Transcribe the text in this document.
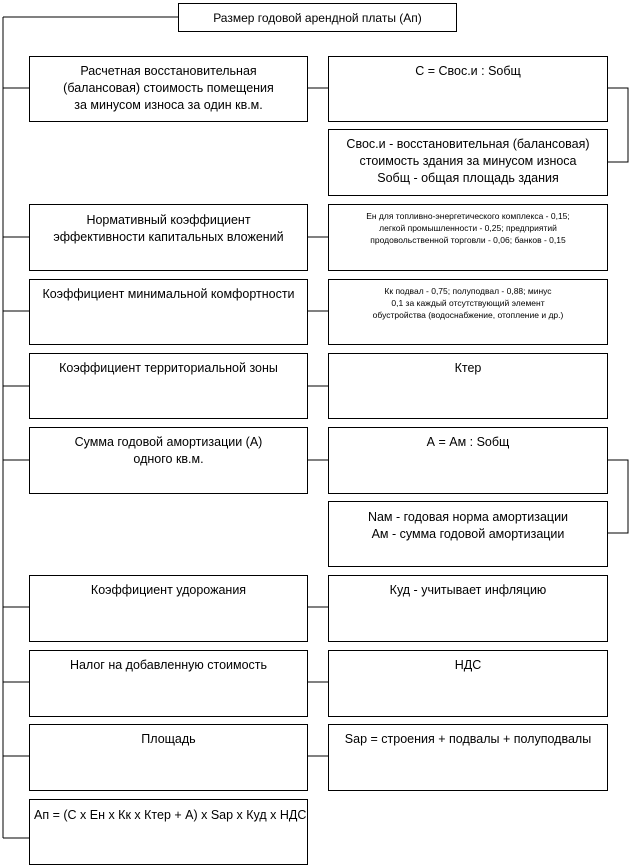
Размер годовой арендной платы (Ап)
Расчетная восстановительная
(балансовая) стоимость помещения
за минусом износа за один кв.м.
С = Свос.и : Sобщ
Свос.и - восстановительная (балансовая)
стоимость здания за минусом износа
Sобщ - общая площадь здания
Нормативный коэффициент
эффективности капитальных вложений
Ен для топливно-энергетического комплекса - 0,15;
легкой промышленности - 0,25; предприятий
продовольственной торговли - 0,06; банков - 0,15
Коэффициент минимальной комфортности	Кк подвал - 0,75; полуподвал - 0,88; минус
0,1 за каждый отсутствующий элемент
обустройства (водоснабжение, отопление и др.)
Коэффициент территориальной зоны	Ктер
Сумма годовой амортизации (А)
одного кв.м.
А = Ам : Sобщ
Nам - годовая норма амортизации
Ам - сумма годовой амортизации
Коэффициент удорожания	Куд - учитывает инфляцию
Налог на добавленную стоимость	НДС
Площадь	Sар = строения + подвалы + полуподвалы
Ап = (С х Ен х Кк х Ктер + А) х Sар х Куд х НДС
